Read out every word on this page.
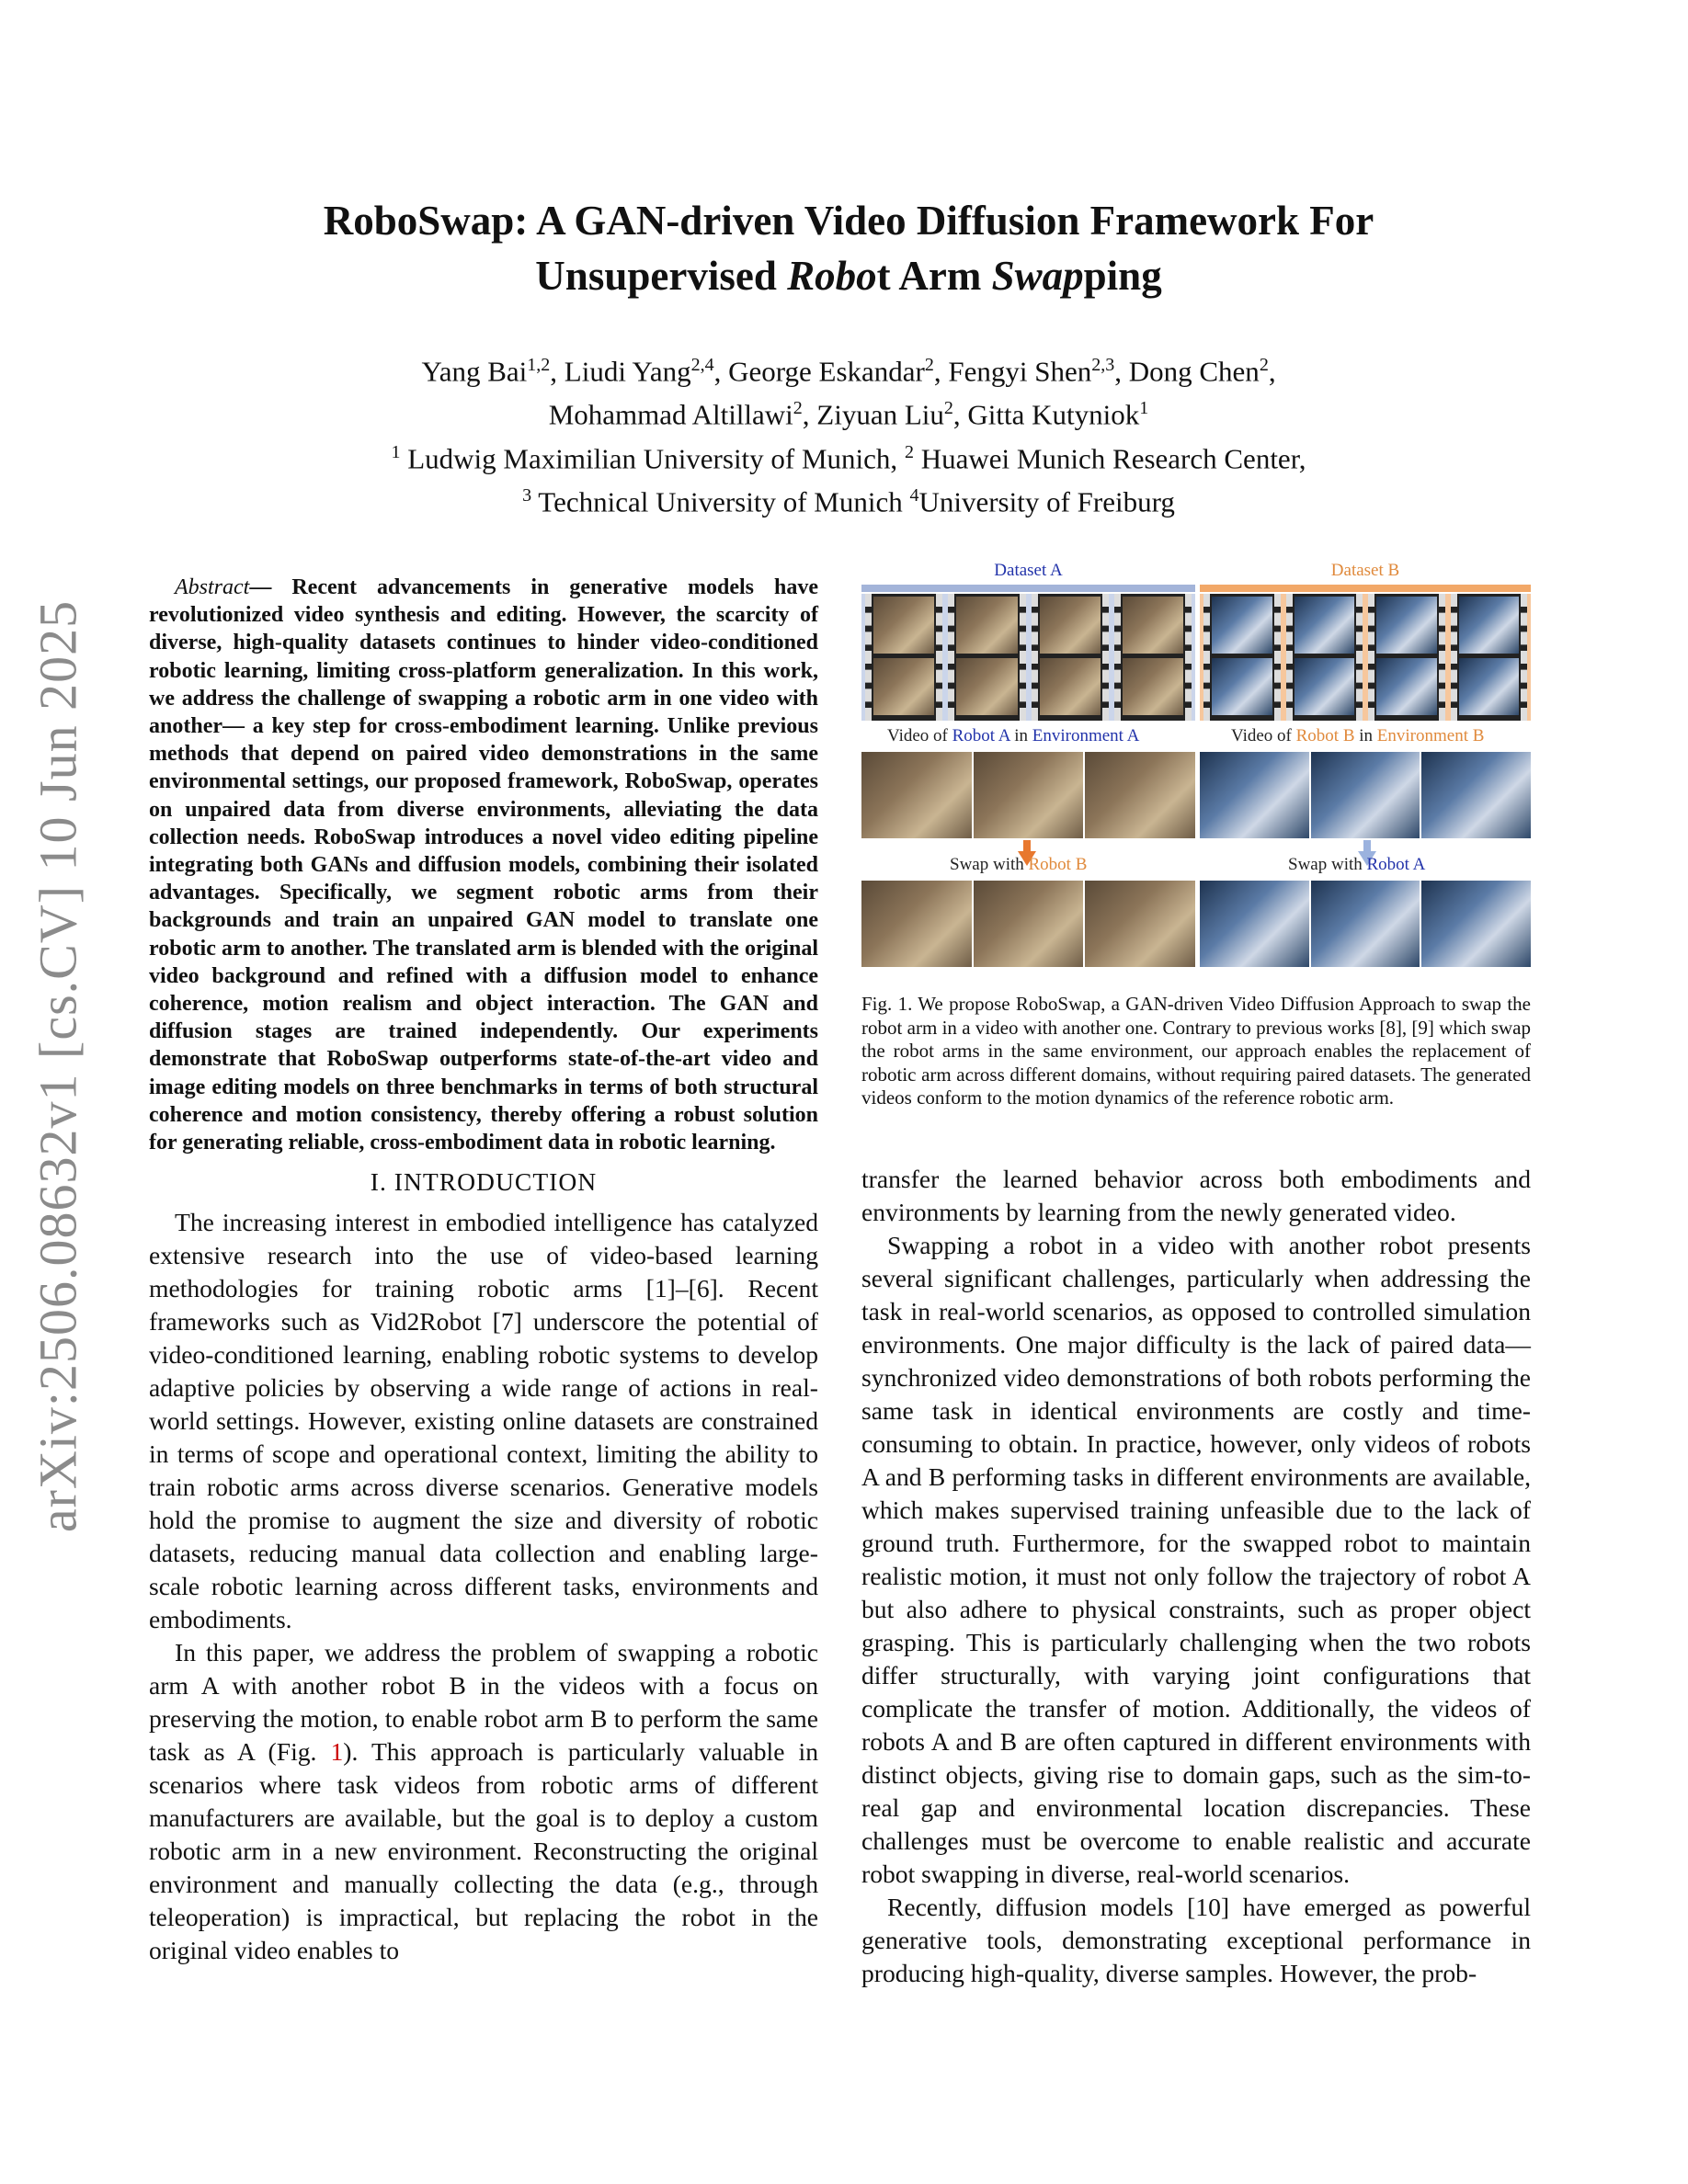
arXiv:2506.08632v1 [cs.CV] 10 Jun 2025
RoboSwap: A GAN-driven Video Diffusion Framework For
Unsupervised Robot Arm Swapping
Yang Bai$^{1,2}$, Liudi Yang$^{2,4}$, George Eskandar$^2$, Fengyi Shen$^{2,3}$, Dong Chen$^2$,
Mohammad Altillawi$^2$, Ziyuan Liu$^2$, Gitta Kutyniok$^1$
$^1$ Ludwig Maximilian University of Munich, $^2$ Huawei Munich Research Center,
$^3$ Technical University of Munich $^4$University of Freiburg

Abstract— Recent advancements in generative models have revolutionized video synthesis and editing. However, the scarcity of diverse, high-quality datasets continues to hinder video-conditioned robotic learning, limiting cross-platform generalization. In this work, we address the challenge of swapping a robotic arm in one video with another— a key step for cross-embodiment learning. Unlike previous methods that depend on paired video demonstrations in the same environmental settings, our proposed framework, RoboSwap, operates on unpaired data from diverse environments, alleviating the data collection needs. RoboSwap introduces a novel video editing pipeline integrating both GANs and diffusion models, combining their isolated advantages. Specifically, we segment robotic arms from their backgrounds and train an unpaired GAN model to translate one robotic arm to another. The translated arm is blended with the original video background and refined with a diffusion model to enhance coherence, motion realism and object interaction. The GAN and diffusion stages are trained independently. Our experiments demonstrate that RoboSwap outperforms state-of-the-art video and image editing models on three benchmarks in terms of both structural coherence and motion consistency, thereby offering a robust solution for generating reliable, cross-embodiment data in robotic learning.

I. INTRODUCTION

The increasing interest in embodied intelligence has catalyzed extensive research into the use of video-based learning methodologies for training robotic arms [1]–[6]. Recent frameworks such as Vid2Robot [7] underscore the potential of video-conditioned learning, enabling robotic systems to develop adaptive policies by observing a wide range of actions in real-world settings. However, existing online datasets are constrained in terms of scope and operational context, limiting the ability to train robotic arms across diverse scenarios. Generative models hold the promise to augment the size and diversity of robotic datasets, reducing manual data collection and enabling large-scale robotic learning across different tasks, environments and embodiments.

In this paper, we address the problem of swapping a robotic arm A with another robot B in the videos with a focus on preserving the motion, to enable robot arm B to perform the same task as A (Fig. 1). This approach is particularly valuable in scenarios where task videos from robotic arms of different manufacturers are available, but the goal is to deploy a custom robotic arm in a new environment. Reconstructing the original environment and manually collecting the data (e.g., through teleoperation) is impractical, but replacing the robot in the original video enables to

Dataset A	Dataset B
Video of Robot A in Environment A	Video of Robot B in Environment B
Swap with Robot B	Swap with Robot A
Fig. 1. We propose RoboSwap, a GAN-driven Video Diffusion Approach to swap the robot arm in a video with another one. Contrary to previous works [8], [9] which swap the robot arms in the same environment, our approach enables the replacement of robotic arm across different domains, without requiring paired datasets. The generated videos conform to the motion dynamics of the reference robotic arm.

transfer the learned behavior across both embodiments and environments by learning from the newly generated video.

Swapping a robot in a video with another robot presents several significant challenges, particularly when addressing the task in real-world scenarios, as opposed to controlled simulation environments. One major difficulty is the lack of paired data— synchronized video demonstrations of both robots performing the same task in identical environments are costly and time-consuming to obtain. In practice, however, only videos of robots A and B performing tasks in different environments are available, which makes supervised training unfeasible due to the lack of ground truth. Furthermore, for the swapped robot to maintain realistic motion, it must not only follow the trajectory of robot A but also adhere to physical constraints, such as proper object grasping. This is particularly challenging when the two robots differ structurally, with varying joint configurations that complicate the transfer of motion. Additionally, the videos of robots A and B are often captured in different environments with distinct objects, giving rise to domain gaps, such as the sim-to-real gap and environmental location discrepancies. These challenges must be overcome to enable realistic and accurate robot swapping in diverse, real-world scenarios.

Recently, diffusion models [10] have emerged as powerful generative tools, demonstrating exceptional performance in producing high-quality, diverse samples. However, the prob-
